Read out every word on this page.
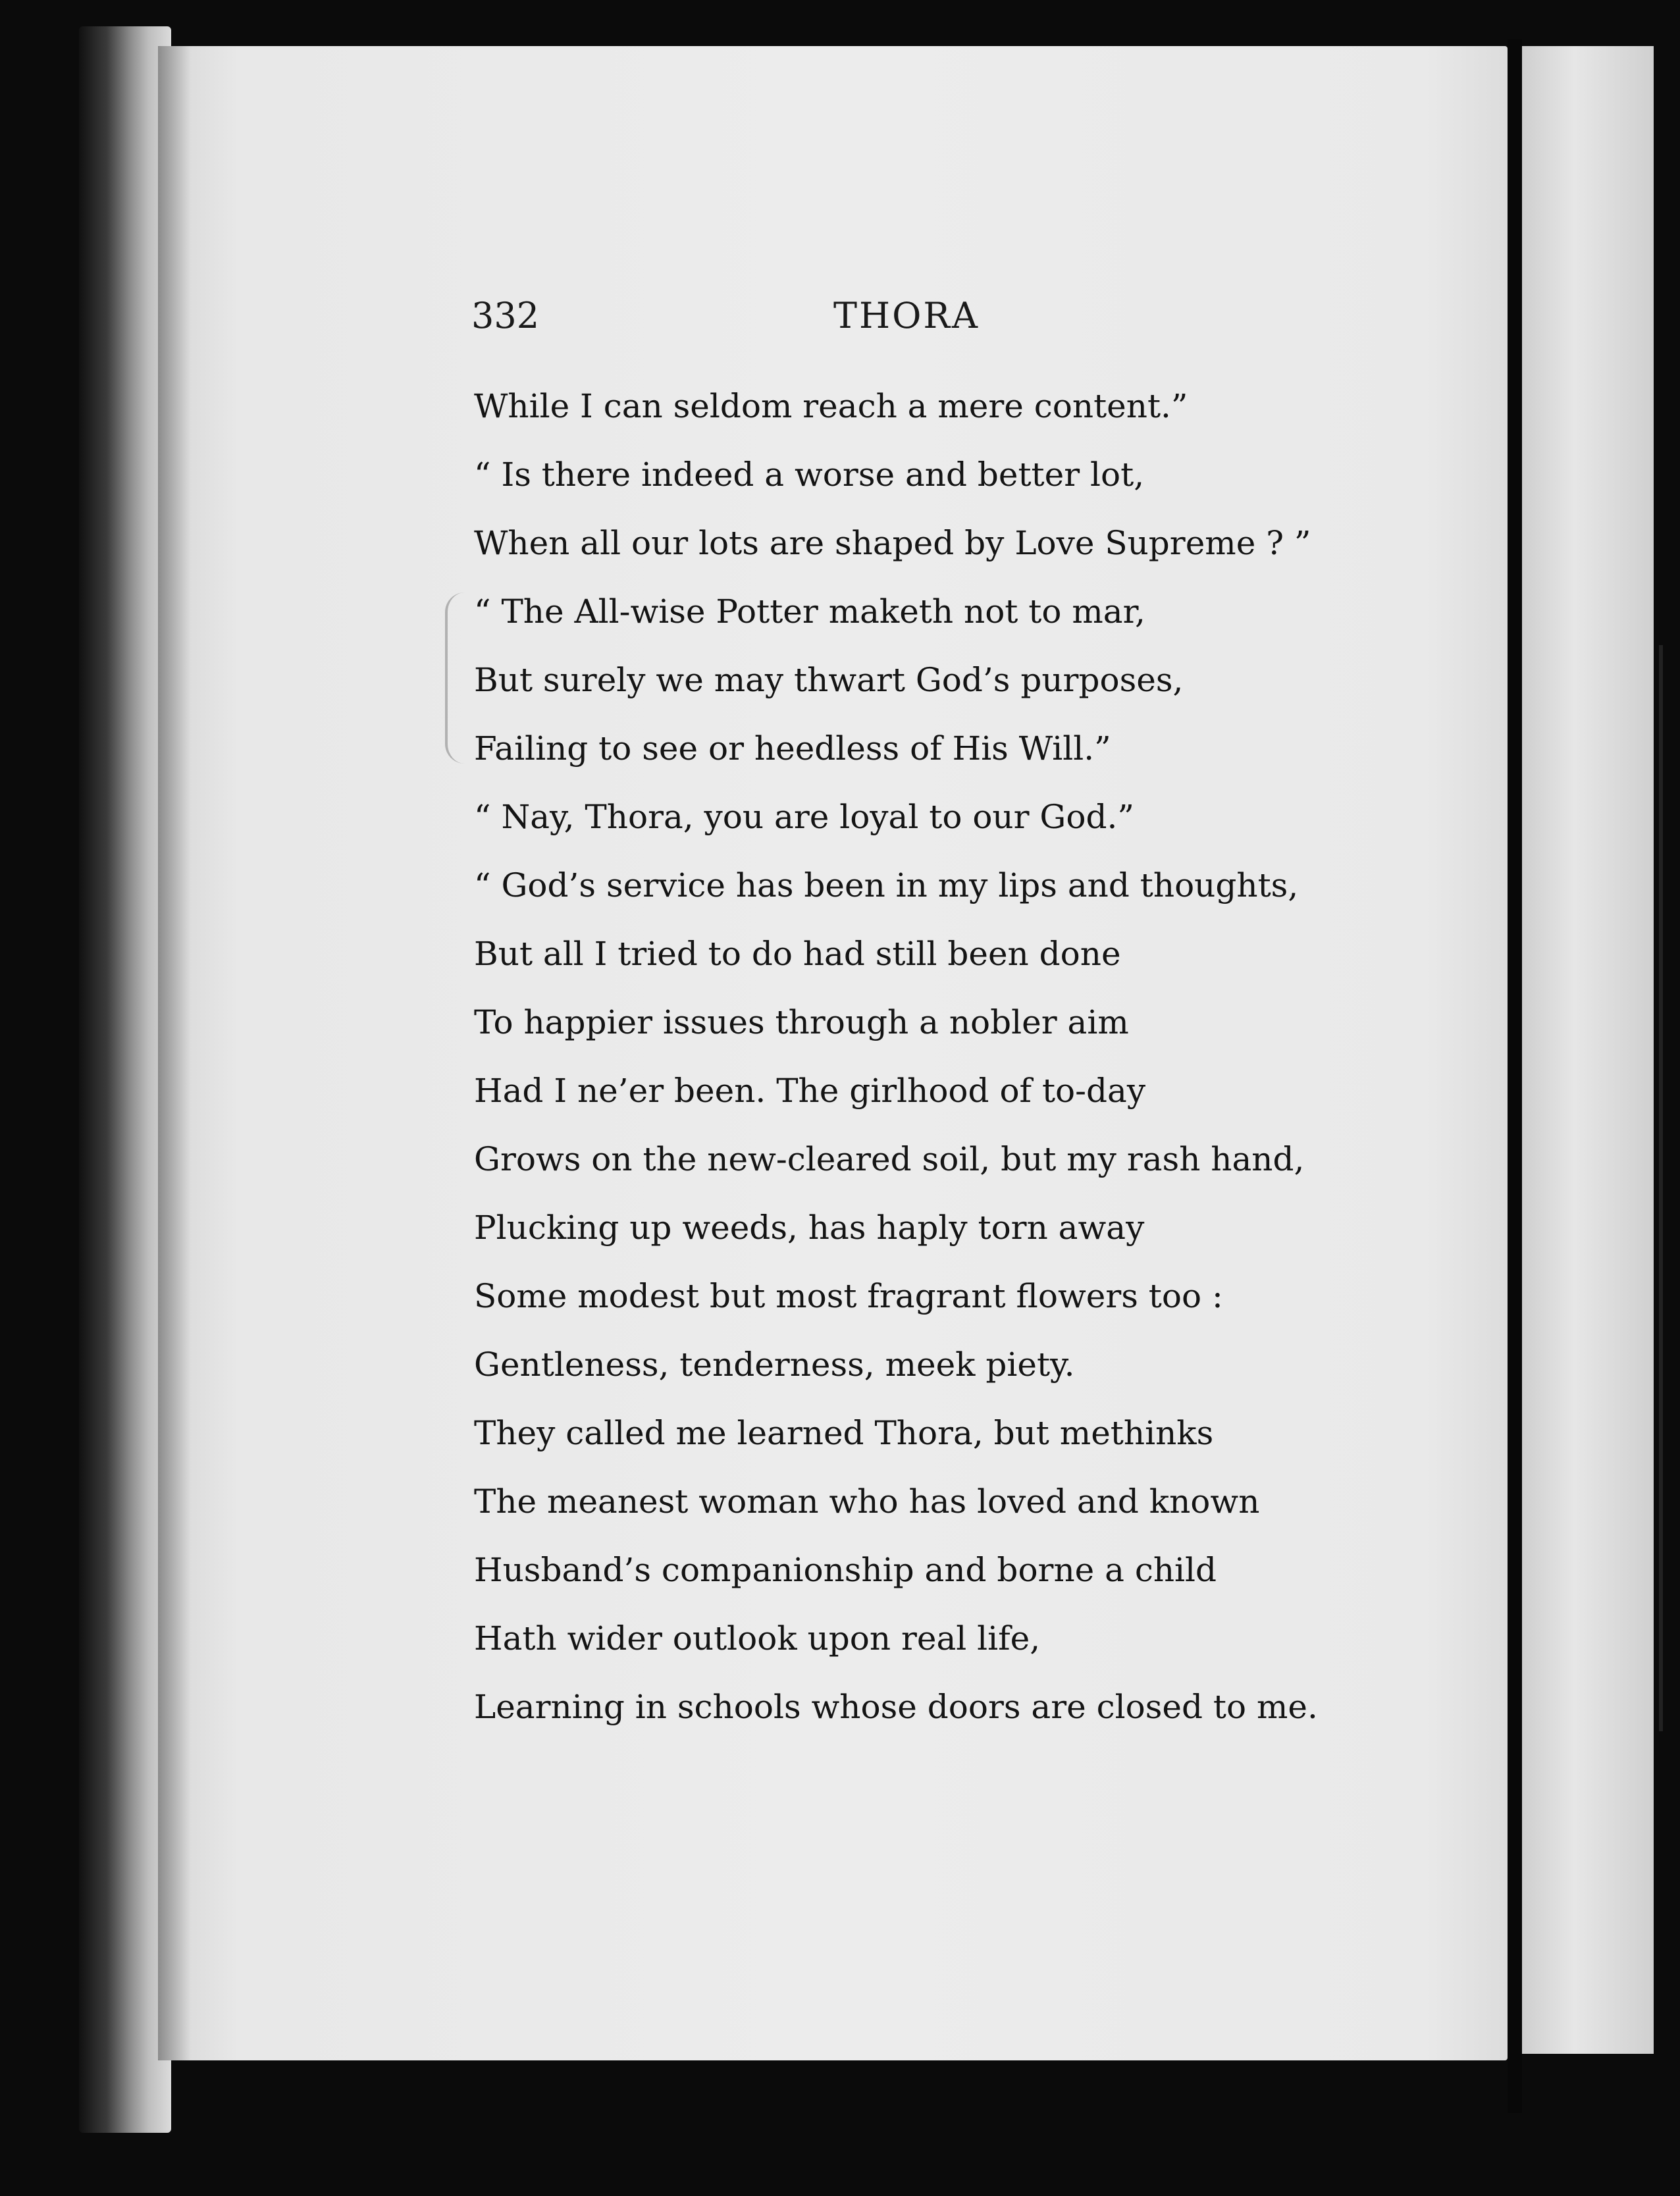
332	THORA
While I can seldom reach a mere content.”
“ Is there indeed a worse and better lot,
When all our lots are shaped by Love Supreme ? ”
“ The All-wise Potter maketh not to mar,
But surely we may thwart God’s purposes,
Failing to see or heedless of His Will.”
“ Nay, Thora, you are loyal to our God.”
“ God’s service has been in my lips and thoughts,
But all I tried to do had still been done
To happier issues through a nobler aim
Had I ne’er been. The girlhood of to-day
Grows on the new-cleared soil, but my rash hand,
Plucking up weeds, has haply torn away
Some modest but most fragrant flowers too :
Gentleness, tenderness, meek piety.
They called me learned Thora, but methinks
The meanest woman who has loved and known
Husband’s companionship and borne a child
Hath wider outlook upon real life,
Learning in schools whose doors are closed to me.
